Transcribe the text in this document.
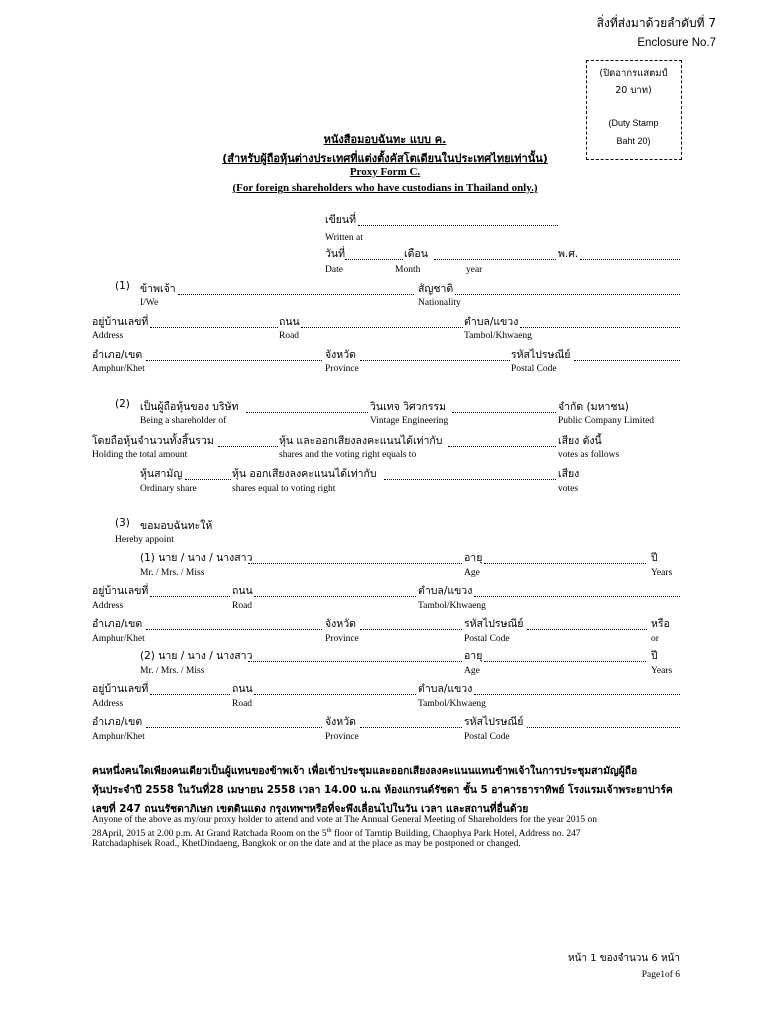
สิ่งที่ส่งมาด้วยลำดับที่ 7
Enclosure No.7
(ปิดอากรแสตมป์
20 บาท)
(Duty Stamp
Baht 20)
หนังสือมอบฉันทะ แบบ ค.
(สำหรับผู้ถือหุ้นต่างประเทศที่แต่งตั้งคัสโตเดียนในประเทศไทยเท่านั้น)
Proxy Form C.
(For foreign shareholders who have custodians in Thailand only.)
เขียนที่
Written at
วันที่	เดือน	พ.ศ.
Date	Month	year
(1) ข้าพเจ้า	สัญชาติ
I/We	Nationality
อยู่บ้านเลขที่	ถนน	ตำบล/แขวง
Address	Road	Tambol/Khwaeng
อำเภอ/เขต	จังหวัด	รหัสไปรษณีย์
Amphur/Khet	Province	Postal Code
(2) เป็นผู้ถือหุ้นของ บริษัท	วินเทจ วิศวกรรม	จำกัด (มหาชน)
Being a shareholder of	Vintage Engineering	Public Company Limited
โดยถือหุ้นจำนวนทั้งสิ้นรวม	หุ้น และออกเสียงลงคะแนนได้เท่ากับ	เสียง ดังนี้
Holding the total amount	shares and the voting right equals to	votes as follows
หุ้นสามัญ	หุ้น ออกเสียงลงคะแนนได้เท่ากับ	เสียง
Ordinary share	shares equal to voting right	votes
(3) ขอมอบฉันทะให้
Hereby appoint
(1) นาย / นาง / นางสาว	อายุ	ปี
Mr. / Mrs. / Miss	Age	Years
อยู่บ้านเลขที่	ถนน	ตำบล/แขวง
Address	Road	Tambol/Khwaeng
อำเภอ/เขต	จังหวัด	รหัสไปรษณีย์	หรือ
Amphur/Khet	Province	Postal Code	or
(2) นาย / นาง / นางสาว	อายุ	ปี
Mr. / Mrs. / Miss	Age	Years
อยู่บ้านเลขที่	ถนน	ตำบล/แขวง
Address	Road	Tambol/Khwaeng
อำเภอ/เขต	จังหวัด	รหัสไปรษณีย์
Amphur/Khet	Province	Postal Code
คนหนึ่งคนใดเพียงคนเดียวเป็นผู้แทนของข้าพเจ้า เพื่อเข้าประชุมและออกเสียงลงคะแนนแทนข้าพเจ้าในการประชุมสามัญผู้ถือ
หุ้นประจำปี 2558 ในวันที่28 เมษายน 2558 เวลา 14.00 น.ณ ห้องแกรนด์รัชดา ชั้น 5 อาคารธาราทิพย์ โรงแรมเจ้าพระยาปาร์ค
เลขที่ 247 ถนนรัชดาภิเษก เขตดินแดง กรุงเทพฯหรือที่จะพึงเลื่อนไปในวัน เวลา และสถานที่อื่นด้วย
Anyone of the above as my/our proxy holder to attend and vote at The Annual General Meeting of Shareholders for the year 2015 on
28April, 2015 at 2.00 p.m. At Grand Ratchada Room on the 5th floor of Tarntip Building, Chaophya Park Hotel, Address no. 247
Ratchadaphisek Road., KhetDindaeng, Bangkok or on the date and at the place as may be postponed or changed.
หน้า 1 ของจำนวน 6 หน้า
Page1of 6
